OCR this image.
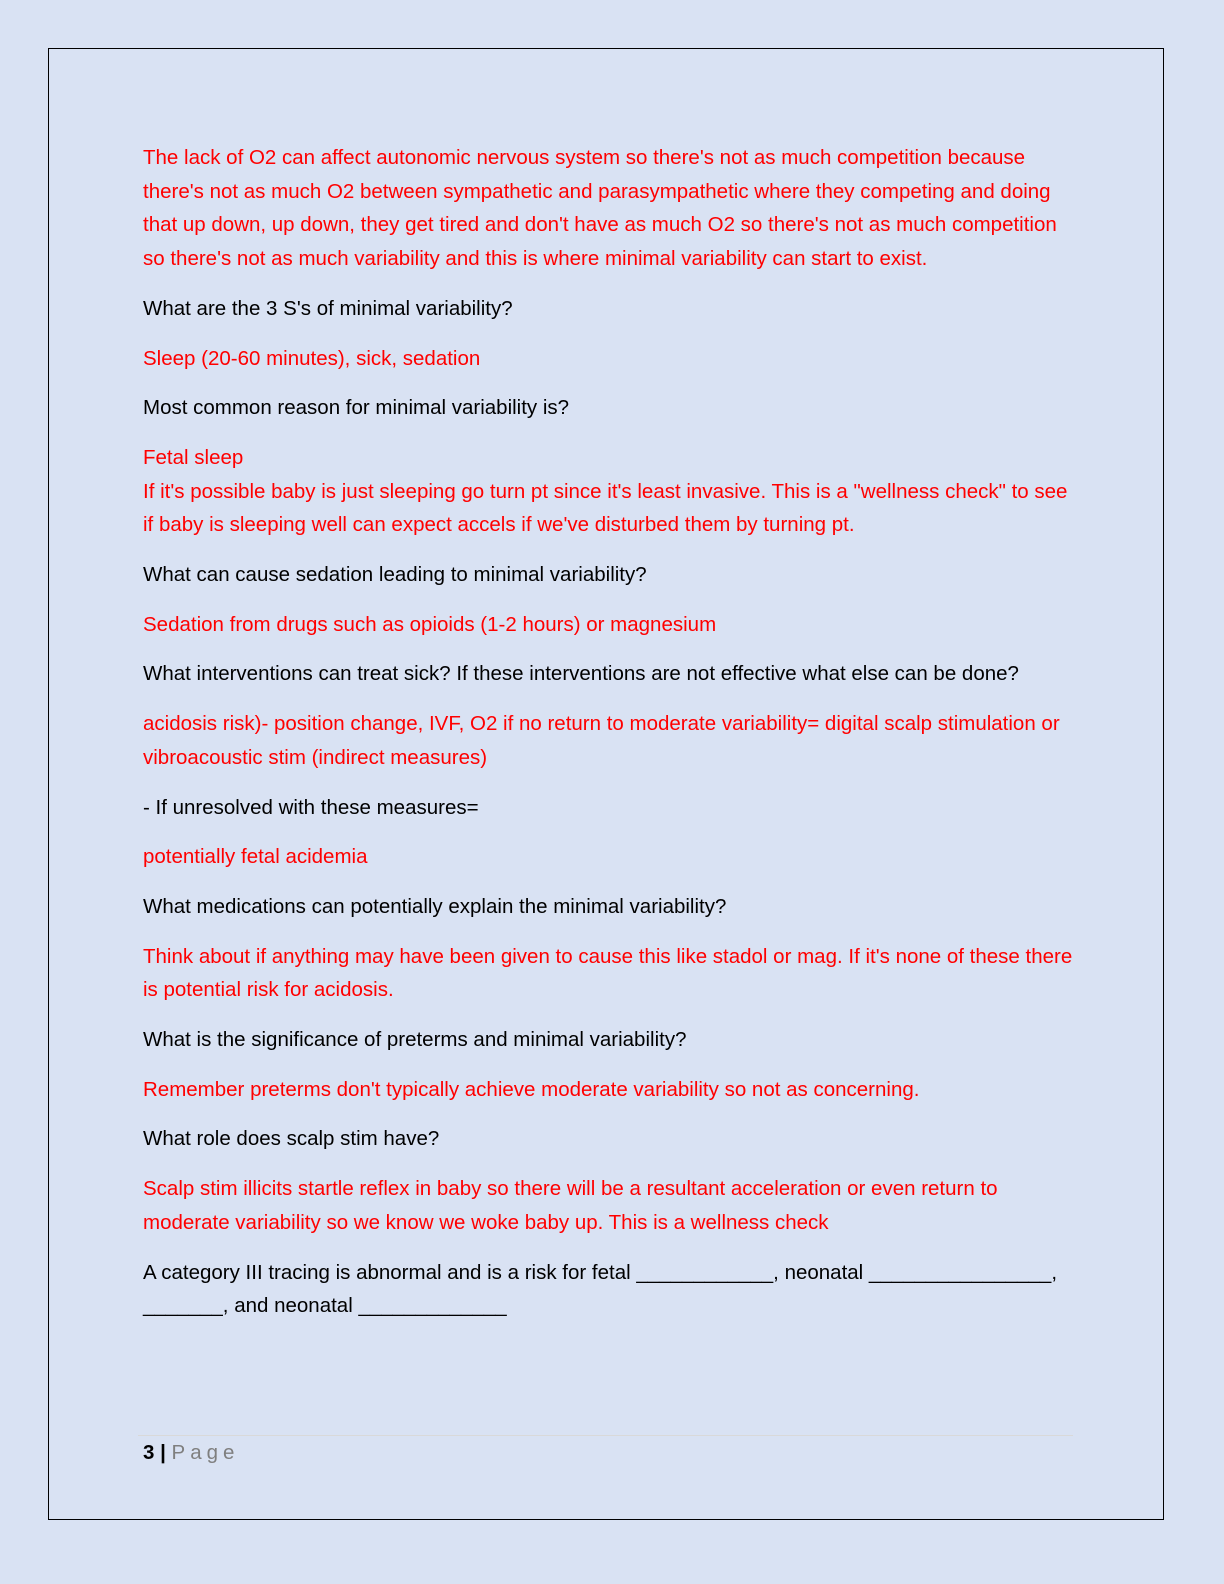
The lack of O2 can affect autonomic nervous system so there's not as much competition because there's not as much O2 between sympathetic and parasympathetic where they competing and doing that up down, up down, they get tired and don't have as much O2 so there's not as much competition so there's not as much variability and this is where minimal variability can start to exist.

What are the 3 S's of minimal variability?

Sleep (20-60 minutes), sick, sedation

Most common reason for minimal variability is?

Fetal sleep

If it's possible baby is just sleeping go turn pt since it's least invasive. This is a "wellness check" to see if baby is sleeping well can expect accels if we've disturbed them by turning pt.

What can cause sedation leading to minimal variability?

Sedation from drugs such as opioids (1-2 hours) or magnesium

What interventions can treat sick? If these interventions are not effective what else can be done?

acidosis risk)- position change, IVF, O2 if no return to moderate variability= digital scalp stimulation or vibroacoustic stim (indirect measures)

- If unresolved with these measures=

potentially fetal acidemia

What medications can potentially explain the minimal variability?

Think about if anything may have been given to cause this like stadol or mag. If it's none of these there is potential risk for acidosis.

What is the significance of preterms and minimal variability?

Remember preterms don't typically achieve moderate variability so not as concerning.

What role does scalp stim have?

Scalp stim illicits startle reflex in baby so there will be a resultant acceleration or even return to moderate variability so we know we woke baby up. This is a wellness check

A category III tracing is abnormal and is a risk for fetal ____________, neonatal ________________, _______, and neonatal _____________

3 | Page
